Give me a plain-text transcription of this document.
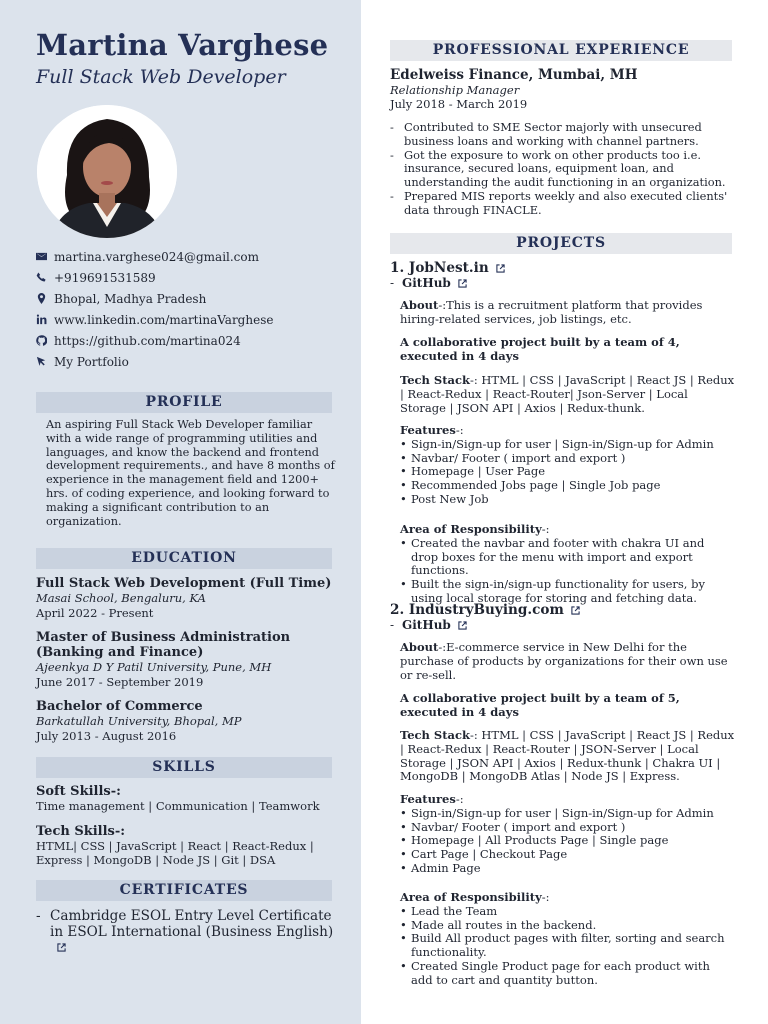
Martina Varghese
Full Stack Web Developer
martina.varghese024@gmail.com
+919691531589
Bhopal, Madhya Pradesh
www.linkedin.com/martinaVarghese
https://github.com/martina024
My Portfolio
PROFILE
An aspiring Full Stack Web Developer familiar with a wide range of programming utilities and languages, and know the backend and frontend development requirements., and have 8 months of experience in the management field and 1200+ hrs. of coding experience, and looking forward to making a significant contribution to an organization.
EDUCATION
Full Stack Web Development (Full Time)
Masai School, Bengaluru, KA
April 2022 - Present
Master of Business Administration (Banking and Finance)
Ajeenkya D Y Patil University, Pune, MH
June 2017 - September 2019
Bachelor of Commerce
Barkatullah University, Bhopal, MP
July 2013 - August 2016
SKILLS
Soft Skills-:
Time management | Communication | Teamwork
Tech Skills-:
HTML| CSS | JavaScript | React | React-Redux | Express | MongoDB | Node JS | Git | DSA
CERTIFICATES
- Cambridge ESOL Entry Level Certificate in ESOL International (Business English)
PROFESSIONAL EXPERIENCE
Edelweiss Finance, Mumbai, MH
Relationship Manager
July 2018 - March 2019
- Contributed to SME Sector majorly with unsecured business loans and working with channel partners.
- Got the exposure to work on other products too i.e. insurance, secured loans, equipment loan, and understanding the audit functioning in an organization.
- Prepared MIS reports weekly and also executed clients' data through FINACLE.
PROJECTS
1. JobNest.in
- GitHub
About-:This is a recruitment platform that provides hiring-related services, job listings, etc.
A collaborative project built by a team of 4, executed in 4 days
Tech Stack-: HTML | CSS | JavaScript | React JS | Redux | React-Redux | React-Router| Json-Server | Local Storage | JSON API | Axios | Redux-thunk.
Features-:
• Sign-in/Sign-up for user | Sign-in/Sign-up for Admin
• Navbar/ Footer ( import and export )
• Homepage | User Page
• Recommended Jobs page | Single Job page
• Post New Job
Area of Responsibility-:
• Created the navbar and footer with chakra UI and drop boxes for the menu with import and export functions.
• Built the sign-in/sign-up functionality for users, by using local storage for storing and fetching data.
2. IndustryBuying.com
- GitHub
About-:E-commerce service in New Delhi for the purchase of products by organizations for their own use or re-sell.
A collaborative project built by a team of 5, executed in 4 days
Tech Stack-: HTML | CSS | JavaScript | React JS | Redux | React-Redux | React-Router | JSON-Server | Local Storage | JSON API | Axios | Redux-thunk | Chakra UI | MongoDB | MongoDB Atlas | Node JS | Express.
Features-:
• Sign-in/Sign-up for user | Sign-in/Sign-up for Admin
• Navbar/ Footer ( import and export )
• Homepage | All Products Page | Single page
• Cart Page | Checkout Page
• Admin Page
Area of Responsibility-:
• Lead the Team
• Made all routes in the backend.
• Build All product pages with filter, sorting and search functionality.
• Created Single Product page for each product with add to cart and quantity button.
